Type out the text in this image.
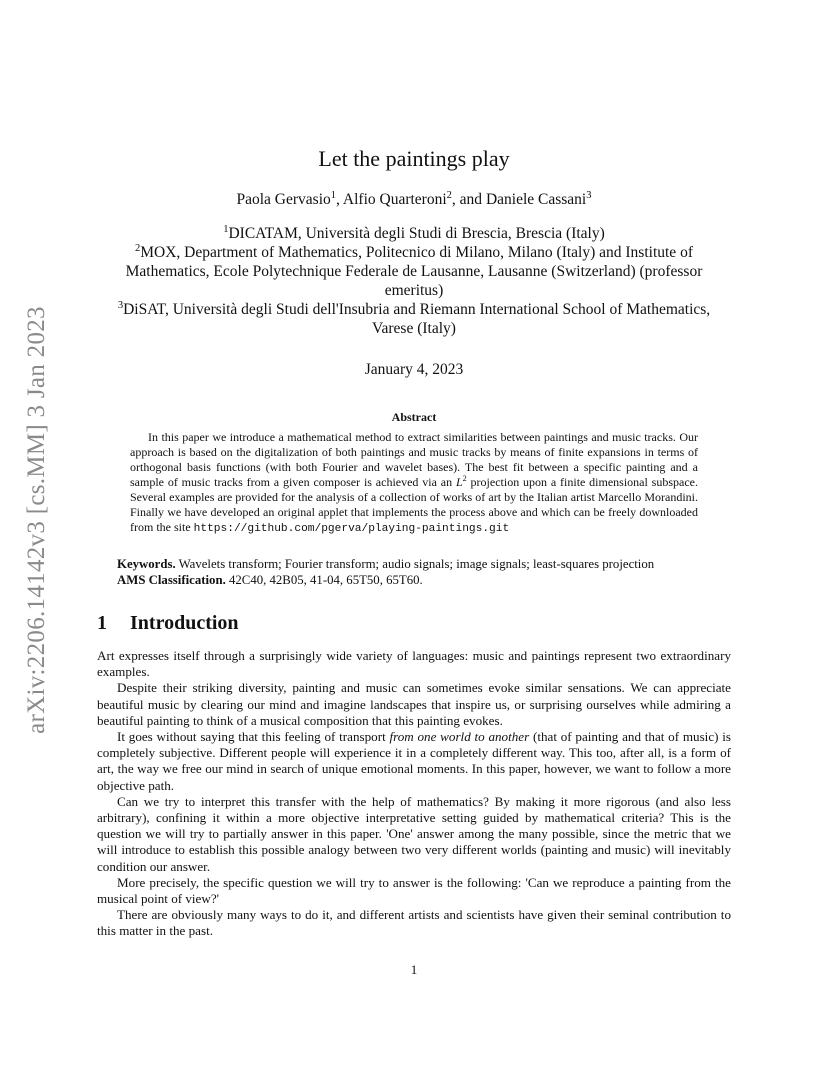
arXiv:2206.14142v3 [cs.MM] 3 Jan 2023
Let the paintings play
Paola Gervasio$^1$, Alfio Quarteroni$^2$, and Daniele Cassani$^3$
$^1$DICATAM, Università degli Studi di Brescia, Brescia (Italy)
$^2$MOX, Department of Mathematics, Politecnico di Milano, Milano (Italy) and Institute of Mathematics, Ecole Polytechnique Federale de Lausanne, Lausanne (Switzerland) (professor emeritus)
$^3$DiSAT, Università degli Studi dell'Insubria and Riemann International School of Mathematics, Varese (Italy)
January 4, 2023
Abstract
In this paper we introduce a mathematical method to extract similarities between paintings and music tracks. Our approach is based on the digitalization of both paintings and music tracks by means of finite expansions in terms of orthogonal basis functions (with both Fourier and wavelet bases). The best fit between a specific painting and a sample of music tracks from a given composer is achieved via an $L^2$ projection upon a finite dimensional subspace. Several examples are provided for the analysis of a collection of works of art by the Italian artist Marcello Morandini. Finally we have developed an original applet that implements the process above and which can be freely downloaded from the site https://github.com/pgerva/playing-paintings.git
Keywords. Wavelets transform; Fourier transform; audio signals; image signals; least-squares projection
AMS Classification. 42C40, 42B05, 41-04, 65T50, 65T60.
1 Introduction

Art expresses itself through a surprisingly wide variety of languages: music and paintings represent two extraordinary examples.

Despite their striking diversity, painting and music can sometimes evoke similar sensations. We can appreciate beautiful music by clearing our mind and imagine landscapes that inspire us, or surprising ourselves while admiring a beautiful painting to think of a musical composition that this painting evokes.

It goes without saying that this feeling of transport from one world to another (that of painting and that of music) is completely subjective. Different people will experience it in a completely different way. This too, after all, is a form of art, the way we free our mind in search of unique emotional moments. In this paper, however, we want to follow a more objective path.

Can we try to interpret this transfer with the help of mathematics? By making it more rigorous (and also less arbitrary), confining it within a more objective interpretative setting guided by mathematical criteria? This is the question we will try to partially answer in this paper. 'One' answer among the many possible, since the metric that we will introduce to establish this possible analogy between two very different worlds (painting and music) will inevitably condition our answer.

More precisely, the specific question we will try to answer is the following: 'Can we reproduce a painting from the musical point of view?'

There are obviously many ways to do it, and different artists and scientists have given their seminal contribution to this matter in the past.

1
